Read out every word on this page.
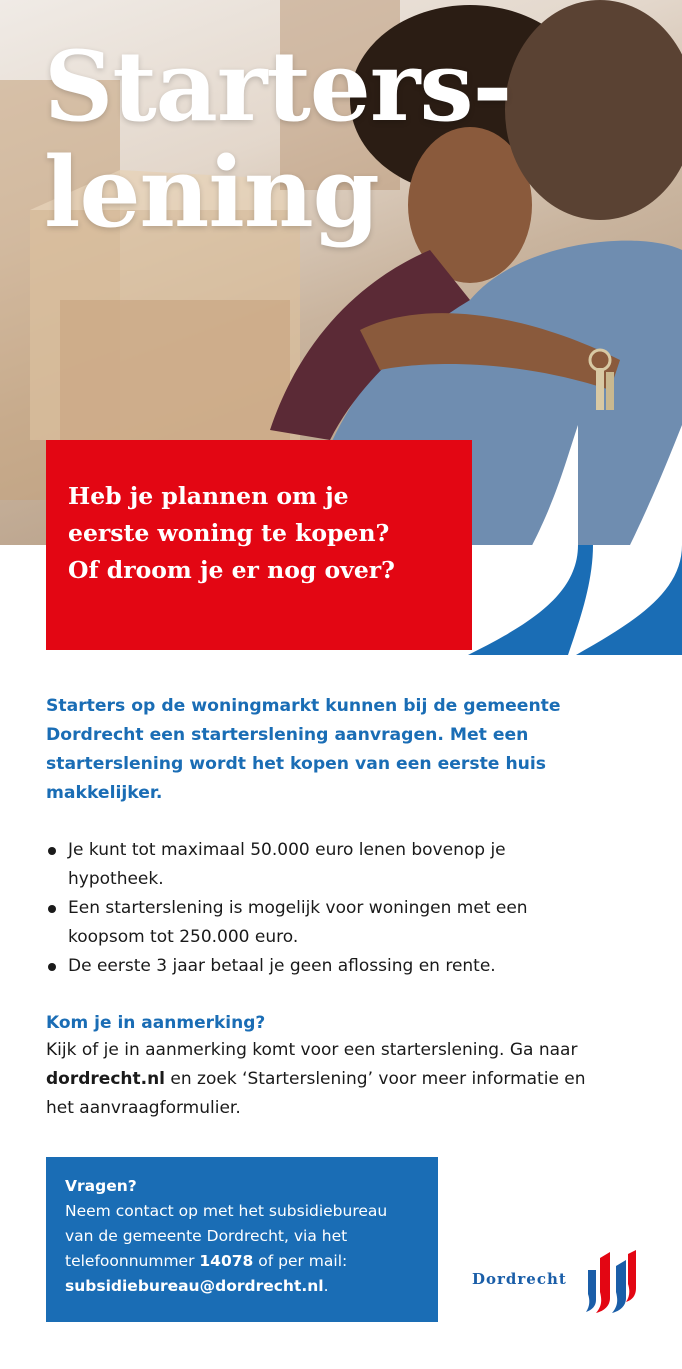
Starters-
lening
Heb je plannen om je
eerste woning te kopen?
Of droom je er nog over?
Starters op de woningmarkt kunnen bij de gemeente
Dordrecht een starterslening aanvragen. Met een
starterslening wordt het kopen van een eerste huis
makkelijker.
Je kunt tot maximaal 50.000 euro lenen bovenop je
hypotheek.
Een starterslening is mogelijk voor woningen met een
koopsom tot 250.000 euro.
De eerste 3 jaar betaal je geen aflossing en rente.
Kom je in aanmerking?
Kijk of je in aanmerking komt voor een starterslening. Ga naar
dordrecht.nl en zoek ‘Starterslening’ voor meer informatie en
het aanvraagformulier.
Vragen?
Neem contact op met het subsidiebureau
van de gemeente Dordrecht, via het
telefoonnummer 14078 of per mail:
subsidiebureau@dordrecht.nl.	Dordrecht
